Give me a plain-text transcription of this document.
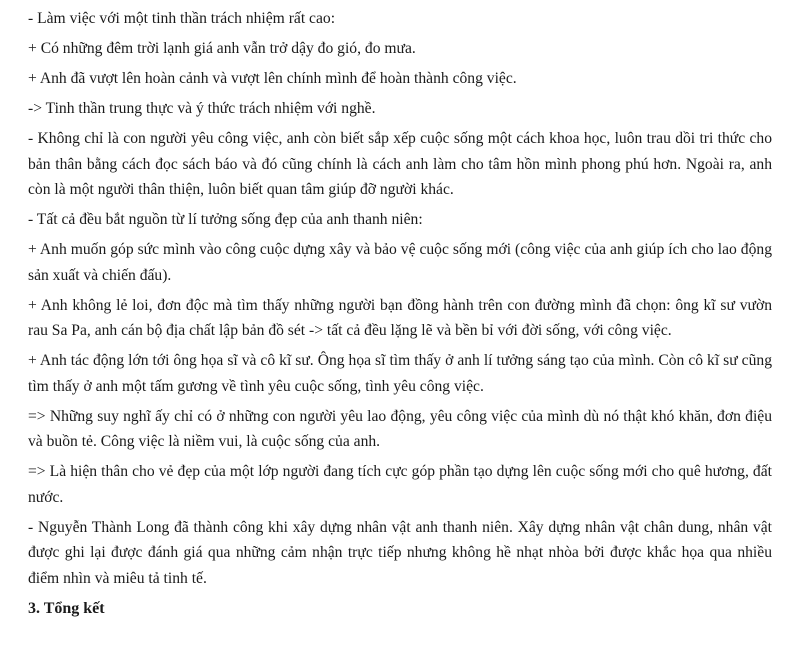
- Làm việc với một tinh thần trách nhiệm rất cao:

+ Có những đêm trời lạnh giá anh vẫn trở dậy đo gió, đo mưa.

+ Anh đã vượt lên hoàn cảnh và vượt lên chính mình để hoàn thành công việc.

-> Tinh thần trung thực và ý thức trách nhiệm với nghề.

- Không chỉ là con người yêu công việc, anh còn biết sắp xếp cuộc sống một cách khoa học, luôn trau dồi tri thức cho bản thân bằng cách đọc sách báo và đó cũng chính là cách anh làm cho tâm hồn mình phong phú hơn. Ngoài ra, anh còn là một người thân thiện, luôn biết quan tâm giúp đỡ người khác.

- Tất cả đều bắt nguồn từ lí tưởng sống đẹp của anh thanh niên:

+ Anh muốn góp sức mình vào công cuộc dựng xây và bảo vệ cuộc sống mới (công việc của anh giúp ích cho lao động sản xuất và chiến đấu).

+ Anh không lẻ loi, đơn độc mà tìm thấy những người bạn đồng hành trên con đường mình đã chọn: ông kĩ sư vườn rau Sa Pa, anh cán bộ địa chất lập bản đồ sét -> tất cả đều lặng lẽ và bền bỉ với đời sống, với công việc.

+ Anh tác động lớn tới ông họa sĩ và cô kĩ sư. Ông họa sĩ tìm thấy ở anh lí tưởng sáng tạo của mình. Còn cô kĩ sư cũng tìm thấy ở anh một tấm gương về tình yêu cuộc sống, tình yêu công việc.

=> Những suy nghĩ ấy chỉ có ở những con người yêu lao động, yêu công việc của mình dù nó thật khó khăn, đơn điệu và buồn tẻ. Công việc là niềm vui, là cuộc sống của anh.

=> Là hiện thân cho vẻ đẹp của một lớp người đang tích cực góp phần tạo dựng lên cuộc sống mới cho quê hương, đất nước.

- Nguyễn Thành Long đã thành công khi xây dựng nhân vật anh thanh niên. Xây dựng nhân vật chân dung, nhân vật được ghi lại được đánh giá qua những cảm nhận trực tiếp nhưng không hề nhạt nhòa bởi được khắc họa qua nhiều điểm nhìn và miêu tả tinh tế.

3. Tổng kết
